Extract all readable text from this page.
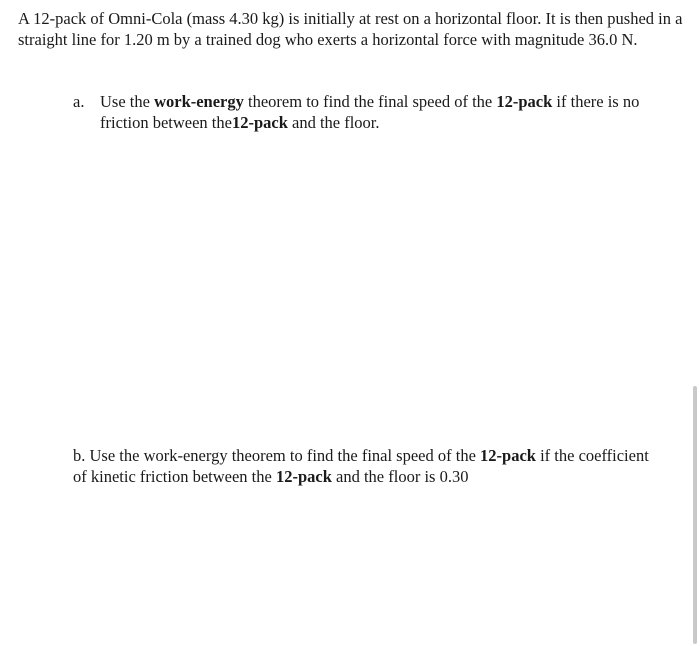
A 12-pack of Omni-Cola (mass 4.30 kg) is initially at rest on a horizontal floor. It is then pushed in a straight line for 1.20 m by a trained dog who exerts a horizontal force with magnitude 36.0 N.

a. Use the work-energy theorem to find the final speed of the 12-pack if there is no friction between the12-pack and the floor.

b. Use the work-energy theorem to find the final speed of the 12-pack if the coefficient of kinetic friction between the 12-pack and the floor is 0.30
